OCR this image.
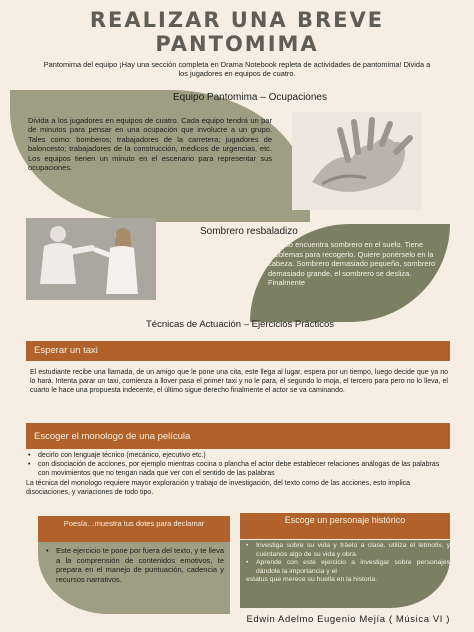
REALIZAR UNA BREVE
PANTOMIMA
Pantomima del equipo ¡Hay una sección completa en Drama Notebook repleta de actividades de pantomima! Divida a los jugadores en equipos de cuatro.
Equipo Pantomima – Ocupaciones
Divida a los jugadores en equipos de cuatro. Cada equipo tendrá un par de minutos para pensar en una ocupación que involucre a un grupo. Tales como: bomberos; trabajadores de la carretera; jugadores de baloncesto; trabajadores de la construcción, médicos de urgencias, etc. Los equipos tienen un minuto en el escenario para representar sus ocupaciones.
Sombrero resbaladizo
Payaso encuentra sombrero en el suelo. Tiene problemas para recogerlo. Quiere ponérselo en la cabeza. Sombrero demasiado pequeño, sombrero demasiado grande, el sombrero se desliza. Finalmente
Técnicas de Actuación – Ejercicios Prácticos
Esperar un taxi
El estudiante recibe una llamada, de un amigo que le pone una cita, este llega al lugar, espera por un tiempo, luego decide que ya no lo hará. Intenta parar un taxi, comienza a llover pasa el primer taxi y no le para, el segundo lo moja, el tercero para pero no lo lleva, el cuarto le hace una propuesta indecente, el último sigue derecho finalmente el actor se va caminando.
Escoger el monologo de una película
• decirlo con lenguaje técnico (mecánico, ejecutivo etc.)
• con disociación de acciones, por ejemplo mientras cocina o plancha el actor debe establecer relaciones análogas de las palabras con movimientos que no tengan nada que ver con el sentido de las palabras
La técnica del monologo requiere mayor exploración y trabajo de investigación, del texto como de las acciones, esto implica disociaciones, y variaciones de todo tipo.
Poesía…muestra tus dotes para declamar	Escoge un personaje histórico
• Este ejercicio te pone por fuera del texto, y te lleva a la comprensión de contenidos emotivos, te prepara en el manejo de puntuación, cadencia y recursos narrativos.
• Investiga sobre su vida y tráelo a clase. utiliza el letmotiv, y cuéntanos algo de su vida y obra.
• Aprende con este ejercicio a investigar sobre personajes dándole la importancia y el
estatus que merece su huella en la historia.
Edwin Adelmo Eugenio Mejía ( Música VI )
